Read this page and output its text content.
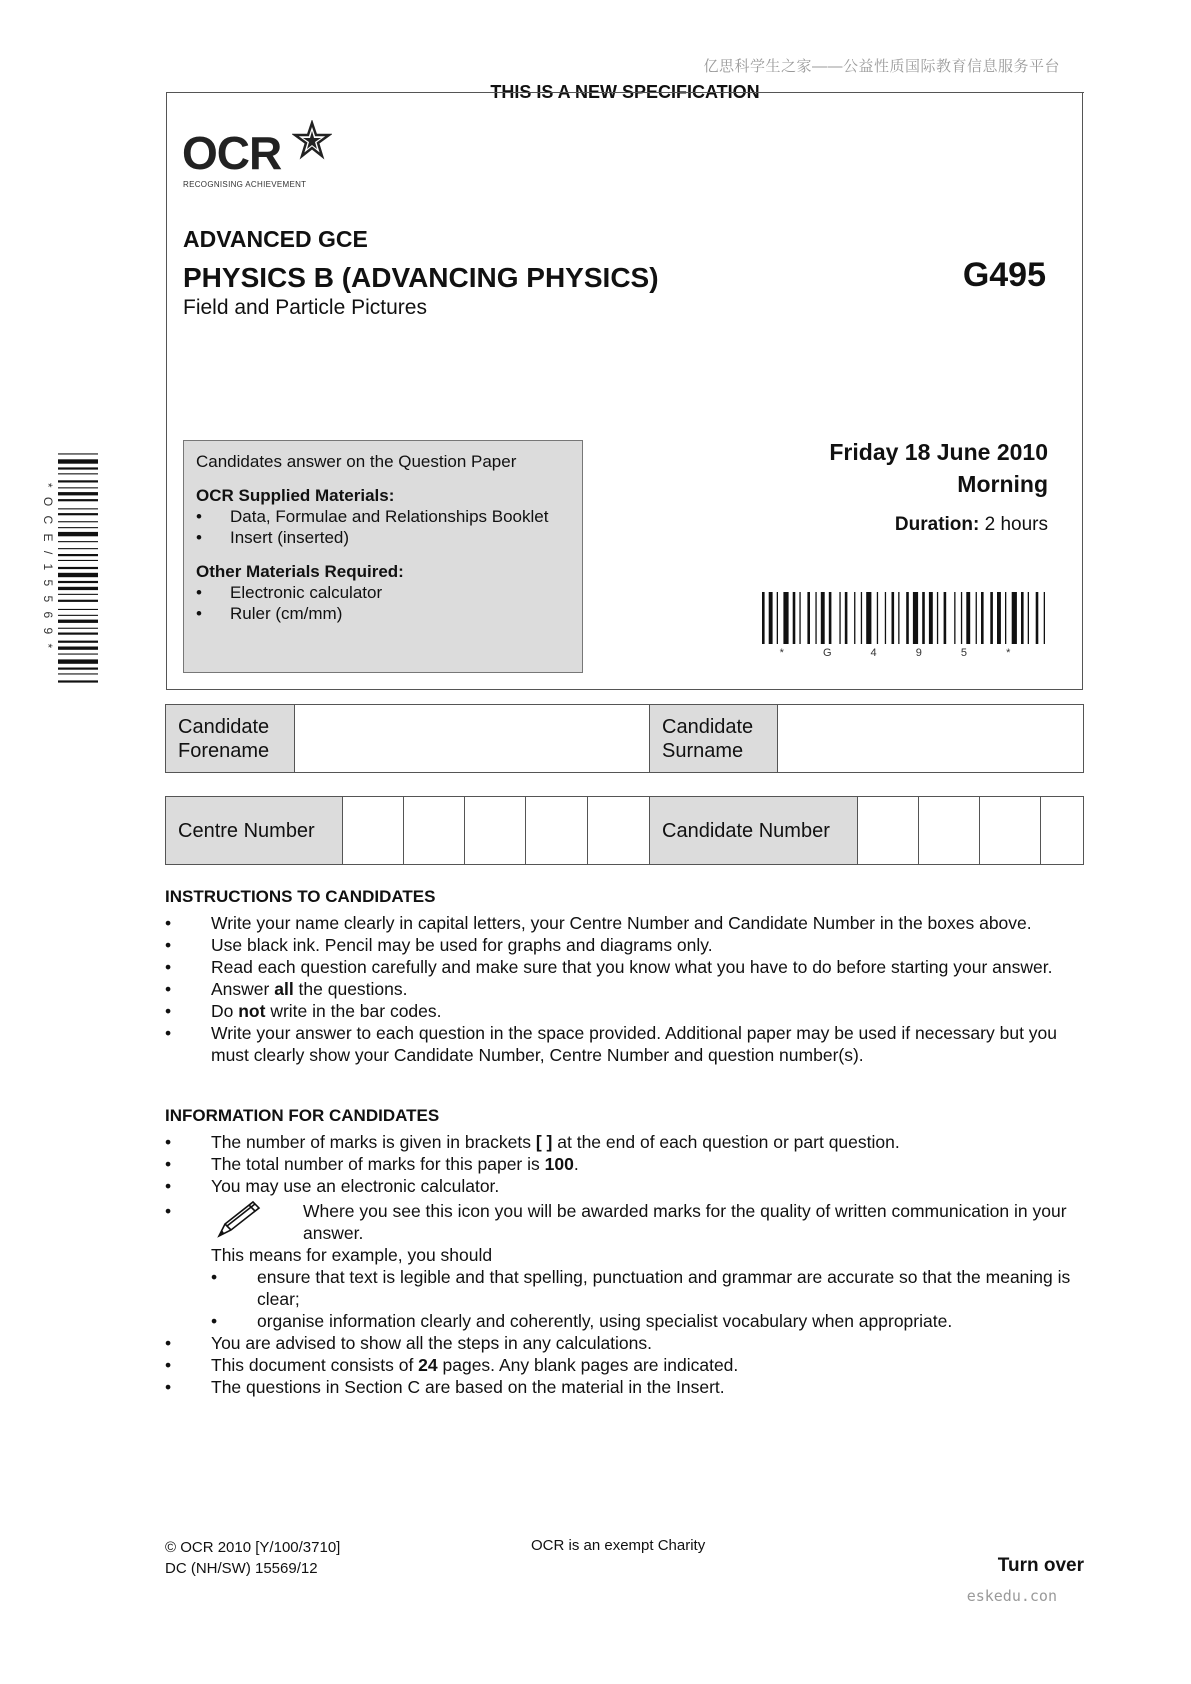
亿思科学生之家——公益性质国际教育信息服务平台
THIS IS A NEW SPECIFICATION
OCR
RECOGNISING ACHIEVEMENT
ADVANCED GCE
PHYSICS B (ADVANCING PHYSICS)
Field and Particle Pictures
G495
Candidates answer on the Question Paper
OCR Supplied Materials:
• Data, Formulae and Relationships Booklet
• Insert (inserted)
Other Materials Required:
• Electronic calculator
• Ruler (cm/mm)
Friday 18 June 2010
Morning
Duration: 2 hours
* G 4 9 5 *
* O C E / 1 5 5 6 9 *
Candidate
Forename
Candidate
Surname
Centre Number	Candidate Number
INSTRUCTIONS TO CANDIDATES
• Write your name clearly in capital letters, your Centre Number and Candidate Number in the boxes above.
• Use black ink. Pencil may be used for graphs and diagrams only.
• Read each question carefully and make sure that you know what you have to do before starting your answer.
• Answer all the questions.
• Do not write in the bar codes.
• Write your answer to each question in the space provided. Additional paper may be used if necessary but you must clearly show your Candidate Number, Centre Number and question number(s).
INFORMATION FOR CANDIDATES
• The number of marks is given in brackets [ ] at the end of each question or part question.
• The total number of marks for this paper is 100.
• You may use an electronic calculator.
• Where you see this icon you will be awarded marks for the quality of written communication in your answer.
This means for example, you should
• ensure that text is legible and that spelling, punctuation and grammar are accurate so that the meaning is clear;
• organise information clearly and coherently, using specialist vocabulary when appropriate.
• You are advised to show all the steps in any calculations.
• This document consists of 24 pages. Any blank pages are indicated.
• The questions in Section C are based on the material in the Insert.
© OCR 2010 [Y/100/3710]
DC (NH/SW) 15569/12
OCR is an exempt Charity
Turn over
eskedu.con
